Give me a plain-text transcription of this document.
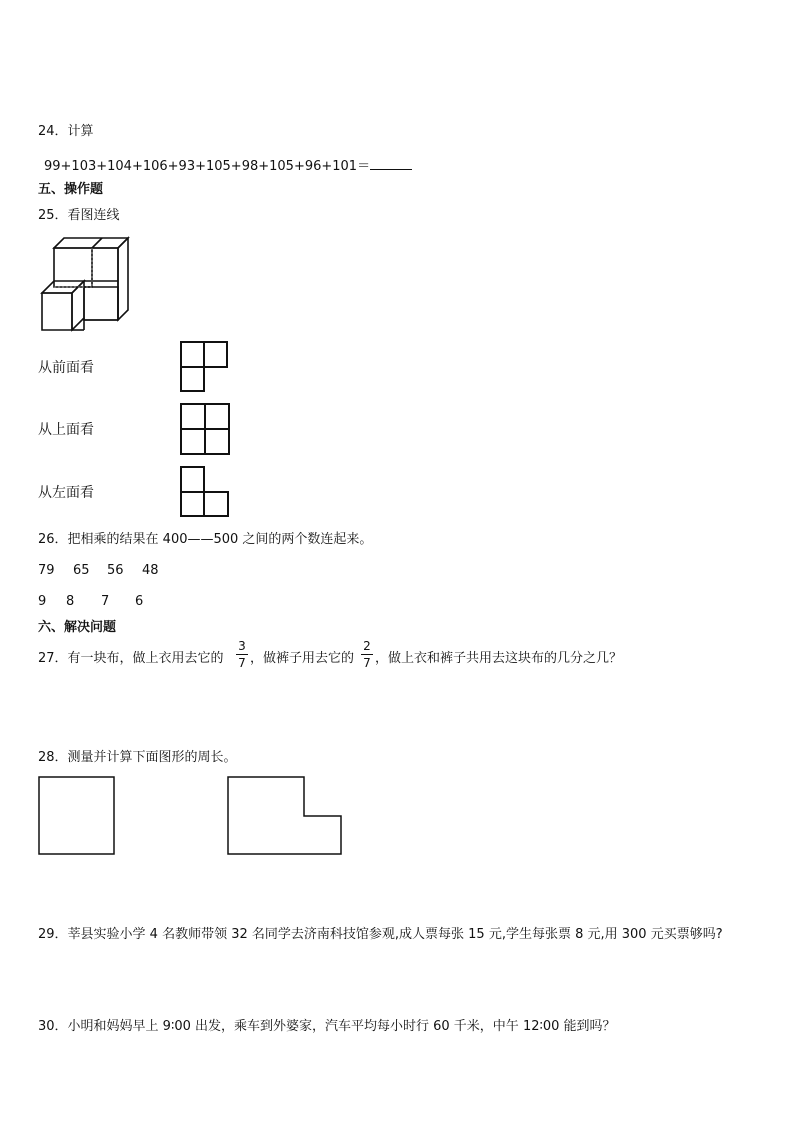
24．计算
99+103+104+106+93+105+98+105+96+101＝
五、操作题
25．看图连线
从前面看
从上面看
从左面看
26．把相乘的结果在 400——500 之间的两个数连起来。
79 65 56 48
9 8 7 6
六、解决问题
27．有一块布，做上衣用去它的
3
7 ，做裤子用去它的
2
7 ，做上衣和裤子共用去这块布的几分之几？
28．测量并计算下面图形的周长。
29．莘县实验小学 4 名教师带领 32 名同学去济南科技馆参观,成人票每张 15 元,学生每张票 8 元,用 300 元买票够吗?
30．小明和妈妈早上 9∶00 出发，乘车到外婆家，汽车平均每小时行 60 千米，中午 12∶00 能到吗？
